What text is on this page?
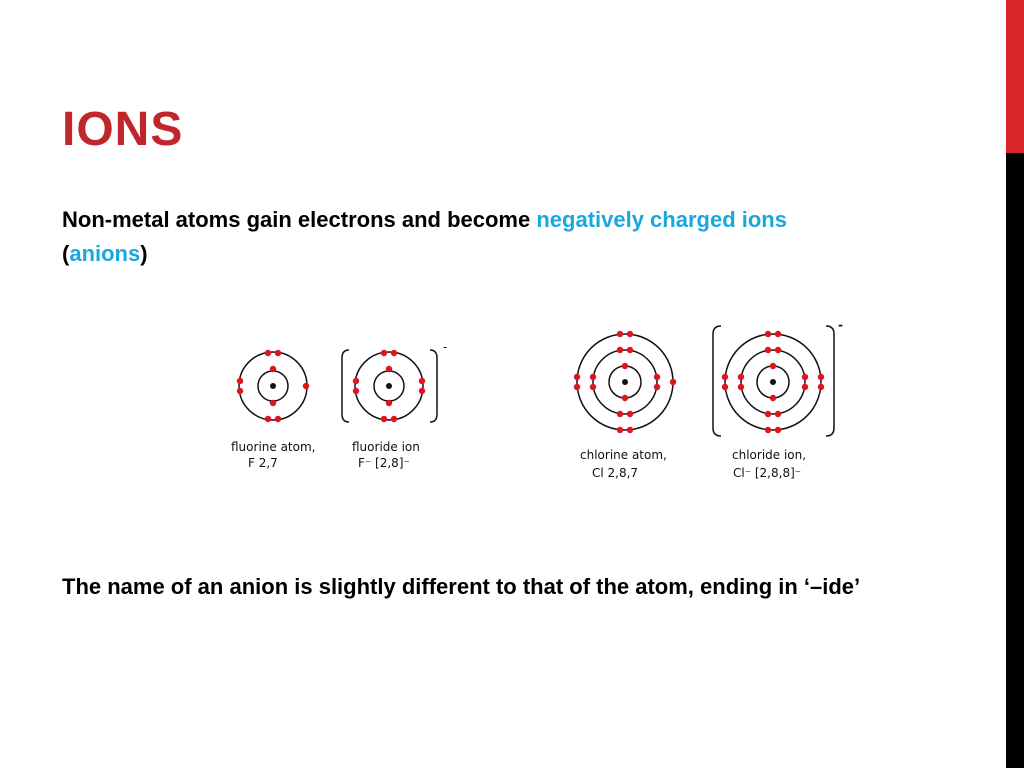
IONS

Non-metal atoms gain electrons and become negatively charged ions (anions)

fluorine atom,
F 2,7
-
fluoride ion
F⁻ [2,8]⁻
chlorine atom,
Cl 2,8,7
-
chloride ion,
Cl⁻ [2,8,8]⁻

The name of an anion is slightly different to that of the atom, ending in ‘–ide’
